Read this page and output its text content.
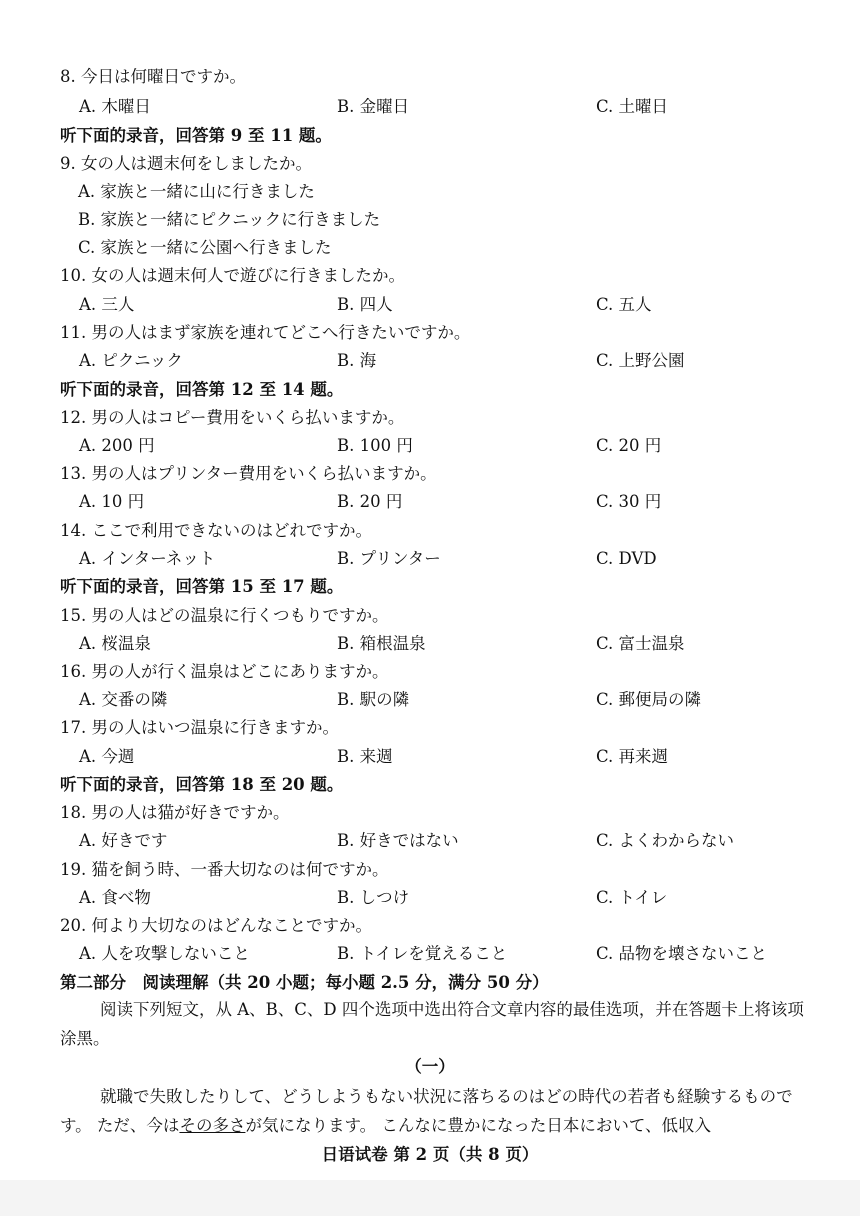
8. 今日は何曜日ですか。
A. 木曜日	B. 金曜日	C. 土曜日
听下面的录音，回答第 9 至 11 题。
9. 女の人は週末何をしましたか。
A. 家族と一緒に山に行きました
B. 家族と一緒にピクニックに行きました
C. 家族と一緒に公園へ行きました
10. 女の人は週末何人で遊びに行きましたか。
A. 三人	B. 四人	C. 五人
11. 男の人はまず家族を連れてどこへ行きたいですか。
A. ピクニック	B. 海	C. 上野公園
听下面的录音，回答第 12 至 14 题。
12. 男の人はコピー費用をいくら払いますか。
A. 200 円	B. 100 円	C. 20 円
13. 男の人はプリンター費用をいくら払いますか。
A. 10 円	B. 20 円	C. 30 円
14. ここで利用できないのはどれですか。
A. インターネット	B. プリンター	C. DVD
听下面的录音，回答第 15 至 17 题。
15. 男の人はどの温泉に行くつもりですか。
A. 桜温泉	B. 箱根温泉	C. 富士温泉
16. 男の人が行く温泉はどこにありますか。
A. 交番の隣	B. 駅の隣	C. 郵便局の隣
17. 男の人はいつ温泉に行きますか。
A. 今週	B. 来週	C. 再来週
听下面的录音，回答第 18 至 20 题。
18. 男の人は猫が好きですか。
A. 好きです	B. 好きではない	C. よくわからない
19. 猫を飼う時、一番大切なのは何ですか。
A. 食べ物	B. しつけ	C. トイレ
20. 何より大切なのはどんなことですか。
A. 人を攻撃しないこと	B. トイレを覚えること	C. 品物を壊さないこと
第二部分　阅读理解（共 20 小题；每小题 2.5 分，满分 50 分）
阅读下列短文，从 A、B、C、D 四个选项中选出符合文章内容的最佳选项，并在答题卡上将该项涂黑。
（一）
就職で失敗したりして、どうしようもない状況に落ちるのはどの時代の若者も経験するものです。 ただ、今はその多さが気になります。 こんなに豊かになった日本において、低収入
日语试卷 第 2 页（共 8 页）
